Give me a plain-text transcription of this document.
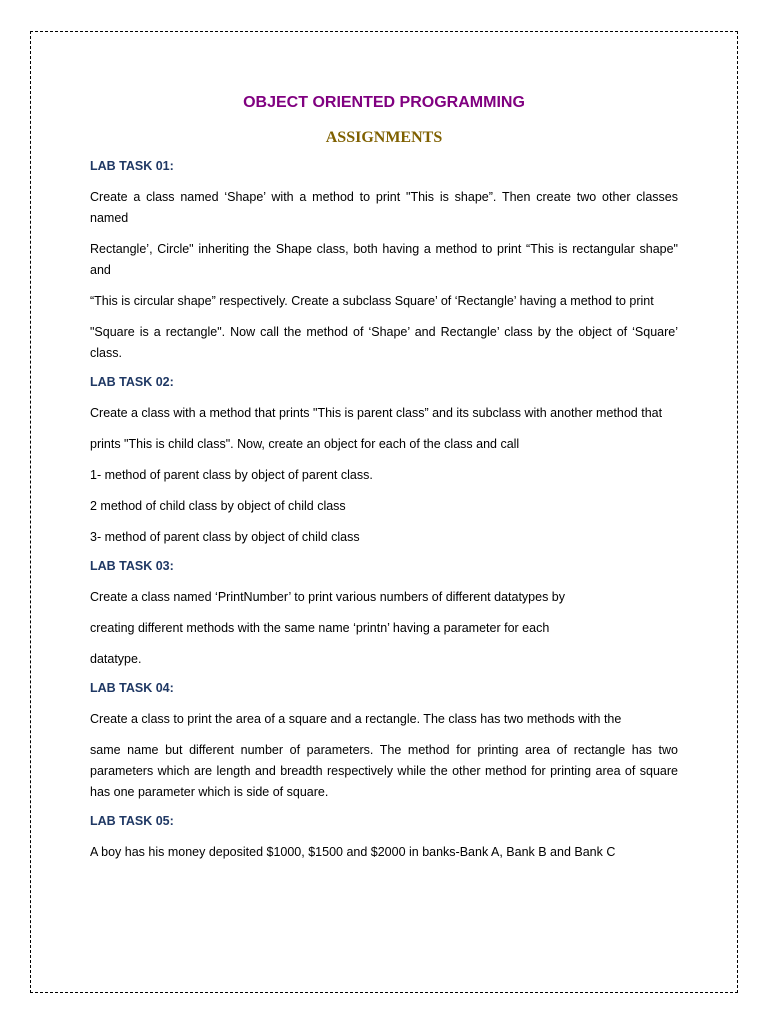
OBJECT ORIENTED PROGRAMMING
ASSIGNMENTS
LAB TASK 01:

Create a class named ‘Shape’ with a method to print "This is shape”. Then create two other classes named

Rectangle’, Circle" inheriting the Shape class, both having a method to print “This is rectangular shape" and

“This is circular shape” respectively. Create a subclass Square’ of ‘Rectangle’ having a method to print

"Square is a rectangle". Now call the method of ‘Shape’ and Rectangle’ class by the object of ‘Square’ class.

LAB TASK 02:

Create a class with a method that prints "This is parent class” and its subclass with another method that

prints "This is child class". Now, create an object for each of the class and call

1- method of parent class by object of parent class.

2 method of child class by object of child class

3- method of parent class by object of child class

LAB TASK 03:

Create a class named ‘PrintNumber’ to print various numbers of different datatypes by

creating different methods with the same name ‘printn’ having a parameter for each

datatype.

LAB TASK 04:

Create a class to print the area of a square and a rectangle. The class has two methods with the

same name but different number of parameters. The method for printing area of rectangle has two parameters which are length and breadth respectively while the other method for printing area of square has one parameter which is side of square.

LAB TASK 05:

A boy has his money deposited $1000, $1500 and $2000 in banks-Bank A, Bank B and Bank C
